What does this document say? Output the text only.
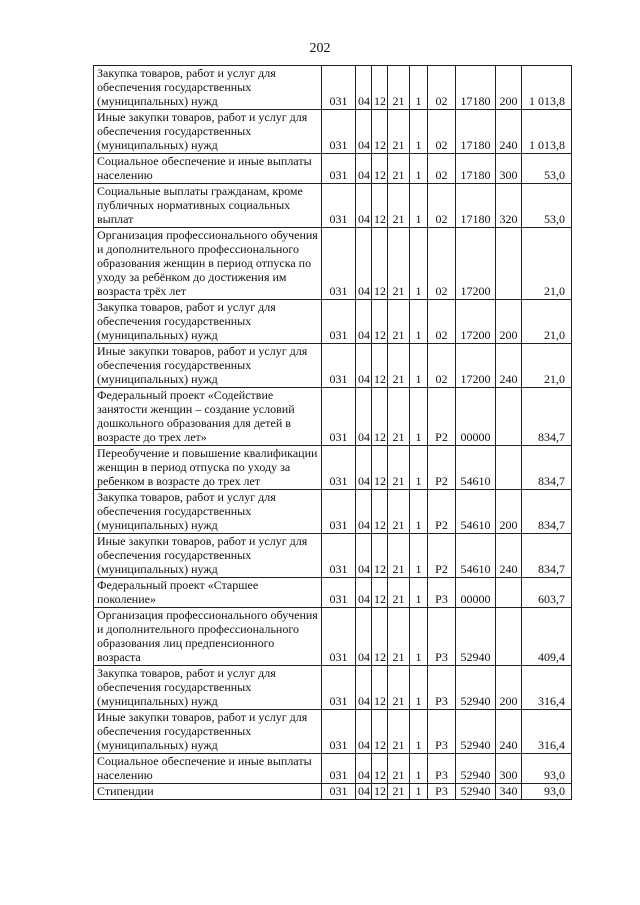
202
Закупка товаров, работ и услуг для обеспечения государственных (муниципальных) нужд	031	04	12	21	1	02	17180	200	1 013,8
Иные закупки товаров, работ и услуг для обеспечения государственных (муниципальных) нужд	031	04	12	21	1	02	17180	240	1 013,8
Социальное обеспечение и иные выплаты населению	031	04	12	21	1	02	17180	300	53,0
Социальные выплаты гражданам, кроме публичных нормативных социальных выплат	031	04	12	21	1	02	17180	320	53,0
Организация профессионального обучения и дополнительного профессионального образования женщин в период отпуска по уходу за ребёнком до достижения им возраста трёх лет	031	04	12	21	1	02	17200		21,0
Закупка товаров, работ и услуг для обеспечения государственных (муниципальных) нужд	031	04	12	21	1	02	17200	200	21,0
Иные закупки товаров, работ и услуг для обеспечения государственных (муниципальных) нужд	031	04	12	21	1	02	17200	240	21,0
Федеральный проект «Содействие занятости женщин – создание условий дошкольного образования для детей в возрасте до трех лет»	031	04	12	21	1	P2	00000		834,7
Переобучение и повышение квалификации женщин в период отпуска по уходу за ребенком в возрасте до трех лет	031	04	12	21	1	P2	54610		834,7
Закупка товаров, работ и услуг для обеспечения государственных (муниципальных) нужд	031	04	12	21	1	P2	54610	200	834,7
Иные закупки товаров, работ и услуг для обеспечения государственных (муниципальных) нужд	031	04	12	21	1	P2	54610	240	834,7
Федеральный проект «Старшее поколение»	031	04	12	21	1	P3	00000		603,7
Организация профессионального обучения и дополнительного профессионального образования лиц предпенсионного возраста	031	04	12	21	1	P3	52940		409,4
Закупка товаров, работ и услуг для обеспечения государственных (муниципальных) нужд	031	04	12	21	1	P3	52940	200	316,4
Иные закупки товаров, работ и услуг для обеспечения государственных (муниципальных) нужд	031	04	12	21	1	P3	52940	240	316,4
Социальное обеспечение и иные выплаты населению	031	04	12	21	1	P3	52940	300	93,0
Стипендии	031	04	12	21	1	P3	52940	340	93,0
